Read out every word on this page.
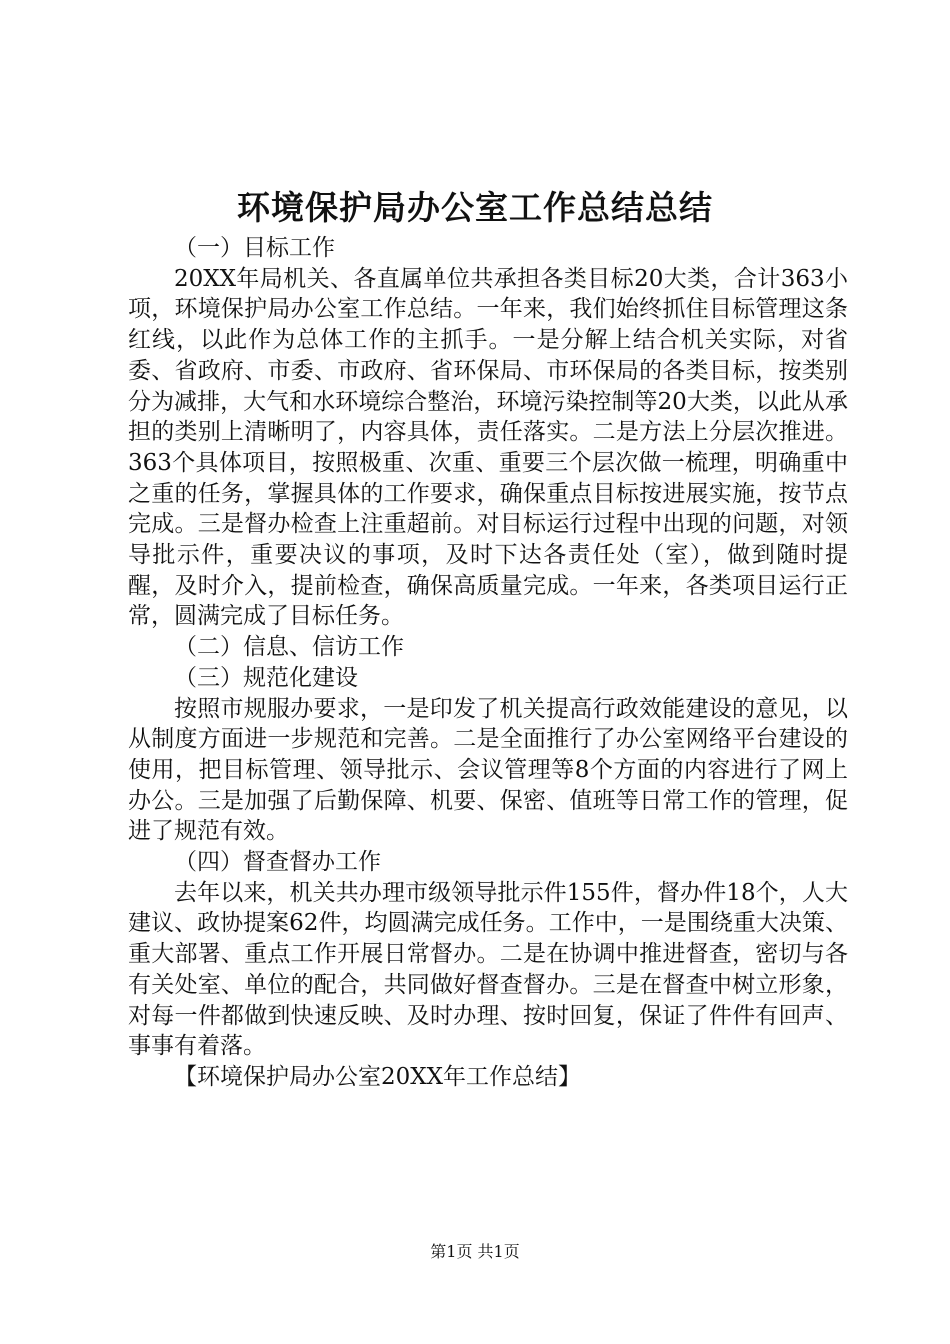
环境保护局办公室工作总结总结

（一）目标工作

20XX年局机关、各直属单位共承担各类目标20大类，合计363小项，环境保护局办公室工作总结。一年来，我们始终抓住目标管理这条红线，以此作为总体工作的主抓手。一是分解上结合机关实际，对省委、省政府、市委、市政府、省环保局、市环保局的各类目标，按类别分为减排，大气和水环境综合整治，环境污染控制等20大类，以此从承担的类别上清晰明了，内容具体，责任落实。二是方法上分层次推进。363个具体项目，按照极重、次重、重要三个层次做一梳理，明确重中之重的任务，掌握具体的工作要求，确保重点目标按进展实施，按节点完成。三是督办检查上注重超前。对目标运行过程中出现的问题，对领导批示件，重要决议的事项，及时下达各责任处（室），做到随时提醒，及时介入，提前检查，确保高质量完成。一年来，各类项目运行正常，圆满完成了目标任务。

（二）信息、信访工作

（三）规范化建设

按照市规服办要求，一是印发了机关提高行政效能建设的意见，以从制度方面进一步规范和完善。二是全面推行了办公室网络平台建设的使用，把目标管理、领导批示、会议管理等8个方面的内容进行了网上办公。三是加强了后勤保障、机要、保密、值班等日常工作的管理，促进了规范有效。

（四）督查督办工作

去年以来，机关共办理市级领导批示件155件，督办件18个，人大建议、政协提案62件，均圆满完成任务。工作中，一是围绕重大决策、重大部署、重点工作开展日常督办。二是在协调中推进督查，密切与各有关处室、单位的配合，共同做好督查督办。三是在督查中树立形象，对每一件都做到快速反映、及时办理、按时回复，保证了件件有回声、事事有着落。

【环境保护局办公室20XX年工作总结】

第1页 共1页
